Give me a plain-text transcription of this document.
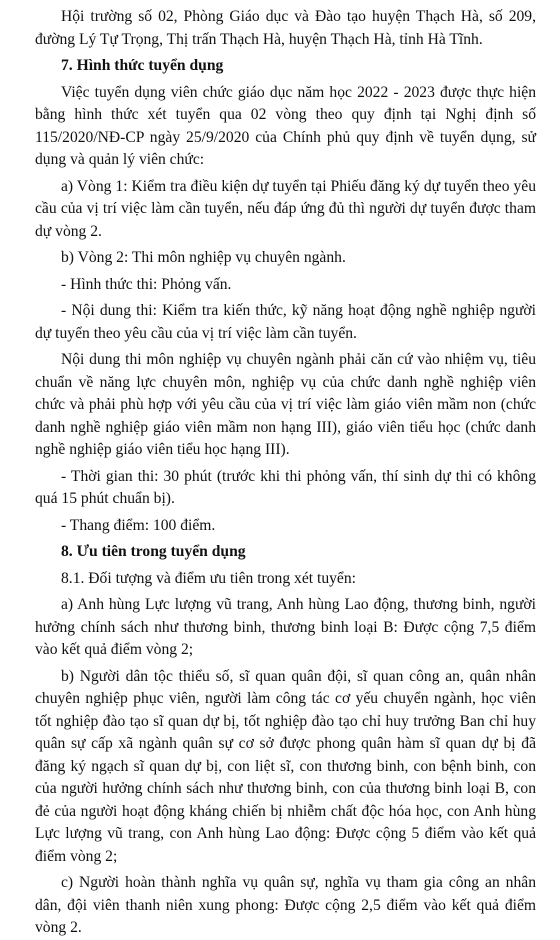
Hội trường số 02, Phòng Giáo dục và Đào tạo huyện Thạch Hà, số 209, đường Lý Tự Trọng, Thị trấn Thạch Hà, huyện Thạch Hà, tỉnh Hà Tĩnh.

7. Hình thức tuyển dụng

Việc tuyển dụng viên chức giáo dục năm học 2022 - 2023 được thực hiện bằng hình thức xét tuyển qua 02 vòng theo quy định tại Nghị định số 115/2020/NĐ-CP ngày 25/9/2020 của Chính phủ quy định về tuyển dụng, sử dụng và quản lý viên chức:

a) Vòng 1: Kiểm tra điều kiện dự tuyển tại Phiếu đăng ký dự tuyển theo yêu cầu của vị trí việc làm cần tuyển, nếu đáp ứng đủ thì người dự tuyển được tham dự vòng 2.

b) Vòng 2: Thi môn nghiệp vụ chuyên ngành.

- Hình thức thi: Phỏng vấn.

- Nội dung thi: Kiểm tra kiến thức, kỹ năng hoạt động nghề nghiệp người dự tuyển theo yêu cầu của vị trí việc làm cần tuyển.

Nội dung thi môn nghiệp vụ chuyên ngành phải căn cứ vào nhiệm vụ, tiêu chuẩn về năng lực chuyên môn, nghiệp vụ của chức danh nghề nghiệp viên chức và phải phù hợp với yêu cầu của vị trí việc làm giáo viên mầm non (chức danh nghề nghiệp giáo viên mầm non hạng III), giáo viên tiểu học (chức danh nghề nghiệp giáo viên tiểu học hạng III).

- Thời gian thi: 30 phút (trước khi thi phỏng vấn, thí sinh dự thi có không quá 15 phút chuẩn bị).

- Thang điểm: 100 điểm.

8. Ưu tiên trong tuyển dụng

8.1. Đối tượng và điểm ưu tiên trong xét tuyển:

a) Anh hùng Lực lượng vũ trang, Anh hùng Lao động, thương binh, người hưởng chính sách như thương binh, thương binh loại B: Được cộng 7,5 điểm vào kết quả điểm vòng 2;

b) Người dân tộc thiểu số, sĩ quan quân đội, sĩ quan công an, quân nhân chuyên nghiệp phục viên, người làm công tác cơ yếu chuyển ngành, học viên tốt nghiệp đào tạo sĩ quan dự bị, tốt nghiệp đào tạo chỉ huy trưởng Ban chỉ huy quân sự cấp xã ngành quân sự cơ sở được phong quân hàm sĩ quan dự bị đã đăng ký ngạch sĩ quan dự bị, con liệt sĩ, con thương binh, con bệnh binh, con của người hưởng chính sách như thương binh, con của thương binh loại B, con đẻ của người hoạt động kháng chiến bị nhiễm chất độc hóa học, con Anh hùng Lực lượng vũ trang, con Anh hùng Lao động: Được cộng 5 điểm vào kết quả điểm vòng 2;

c) Người hoàn thành nghĩa vụ quân sự, nghĩa vụ tham gia công an nhân dân, đội viên thanh niên xung phong: Được cộng 2,5 điểm vào kết quả điểm vòng 2.
